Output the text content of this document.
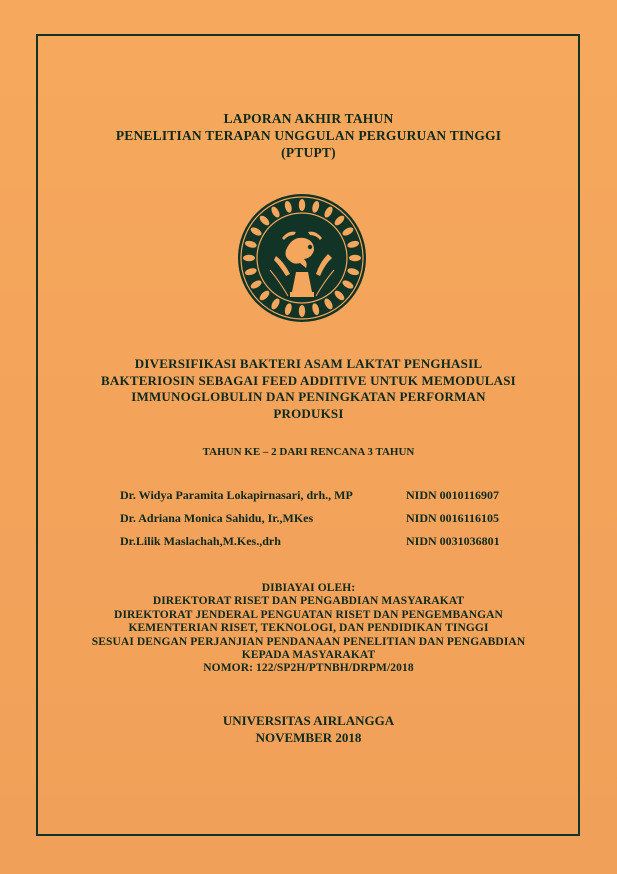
LAPORAN AKHIR TAHUN
PENELITIAN TERAPAN UNGGULAN PERGURUAN TINGGI
(PTUPT)
DIVERSIFIKASI BAKTERI ASAM LAKTAT PENGHASIL
BAKTERIOSIN SEBAGAI FEED ADDITIVE UNTUK MEMODULASI
IMMUNOGLOBULIN DAN PENINGKATAN PERFORMAN
PRODUKSI
TAHUN KE – 2 DARI RENCANA 3 TAHUN
Dr. Widya Paramita Lokapirnasari, drh., MP	NIDN 0010116907
Dr. Adriana Monica Sahidu, Ir.,MKes	NIDN 0016116105
Dr.Lilik Maslachah,M.Kes.,drh	NIDN 0031036801
DIBIAYAI OLEH:
DIREKTORAT RISET DAN PENGABDIAN MASYARAKAT
DIREKTORAT JENDERAL PENGUATAN RISET DAN PENGEMBANGAN
KEMENTERIAN RISET, TEKNOLOGI, DAN PENDIDIKAN TINGGI
SESUAI DENGAN PERJANJIAN PENDANAAN PENELITIAN DAN PENGABDIAN
KEPADA MASYARAKAT
NOMOR: 122/SP2H/PTNBH/DRPM/2018
UNIVERSITAS AIRLANGGA
NOVEMBER 2018
